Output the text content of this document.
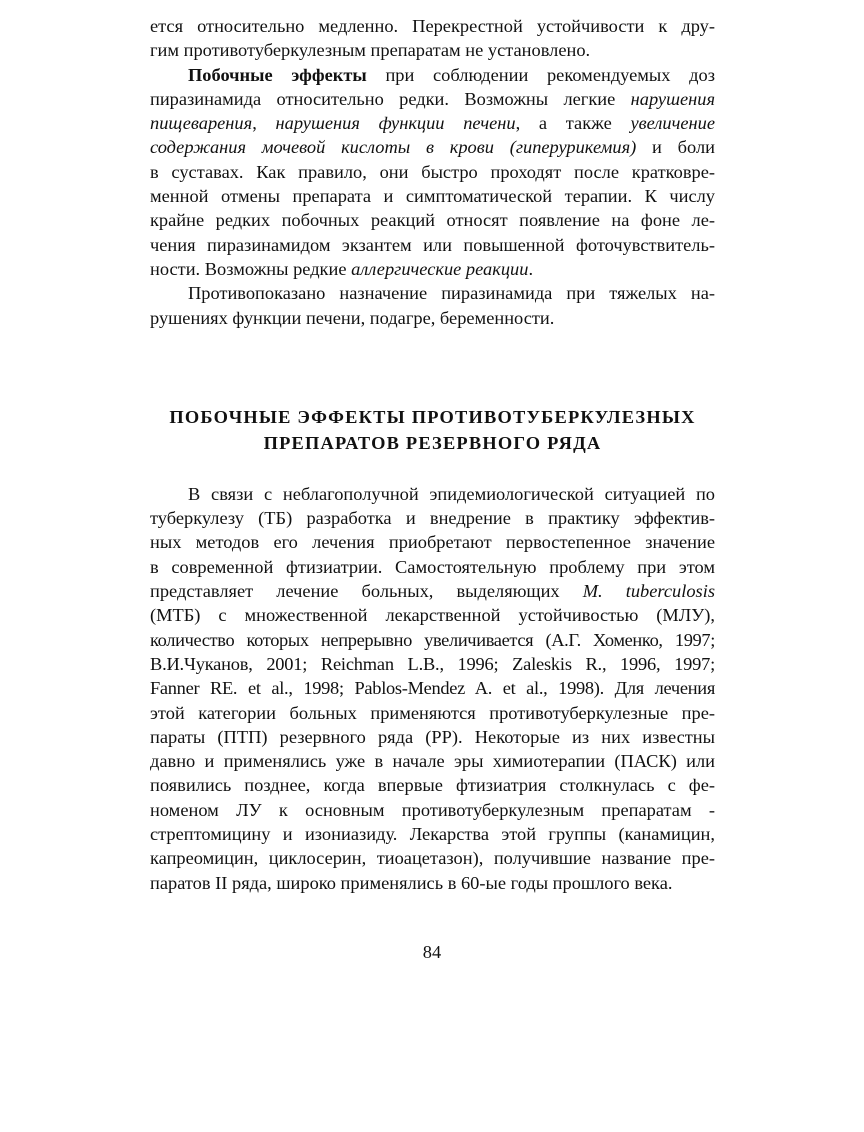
ется относительно медленно. Перекрестной устойчивости к дру-
гим противотуберкулезным препаратам не установлено.
Побочные эффекты при соблюдении рекомендуемых доз
пиразинамида относительно редки. Возможны легкие нарушения
пищеварения, нарушения функции печени, а также увеличение
содержания мочевой кислоты в крови (гиперурикемия) и боли
в суставах. Как правило, они быстро проходят после кратковре-
менной отмены препарата и симптоматической терапии. К числу
крайне редких побочных реакций относят появление на фоне ле-
чения пиразинамидом экзантем или повышенной фоточувствитель-
ности. Возможны редкие аллергические реакции.
Противопоказано назначение пиразинамида при тяжелых на-
рушениях функции печени, подагре, беременности.
ПОБОЧНЫЕ ЭФФЕКТЫ ПРОТИВОТУБЕРКУЛЕЗНЫХ
ПРЕПАРАТОВ РЕЗЕРВНОГО РЯДА
В связи с неблагополучной эпидемиологической ситуацией по
туберкулезу (ТБ) разработка и внедрение в практику эффектив-
ных методов его лечения приобретают первостепенное значение
в современной фтизиатрии. Самостоятельную проблему при этом
представляет лечение больных, выделяющих M. tuberculosis
(МТБ) с множественной лекарственной устойчивостью (МЛУ),
количество которых непрерывно увеличивается (А.Г. Хоменко, 1997;
В.И.Чуканов, 2001; Reichman L.B., 1996; Zaleskis R., 1996, 1997;
Fanner RE. et al., 1998; Pablos-Mendez A. et al., 1998). Для лечения
этой категории больных применяются противотуберкулезные пре-
параты (ПТП) резервного ряда (РР). Некоторые из них известны
давно и применялись уже в начале эры химиотерапии (ПАСК) или
появились позднее, когда впервые фтизиатрия столкнулась с фе-
номеном ЛУ к основным противотуберкулезным препаратам -
стрептомицину и изониазиду. Лекарства этой группы (канамицин,
капреомицин, циклосерин, тиоацетазон), получившие название пре-
паратов II ряда, широко применялись в 60-ые годы прошлого века.
84
